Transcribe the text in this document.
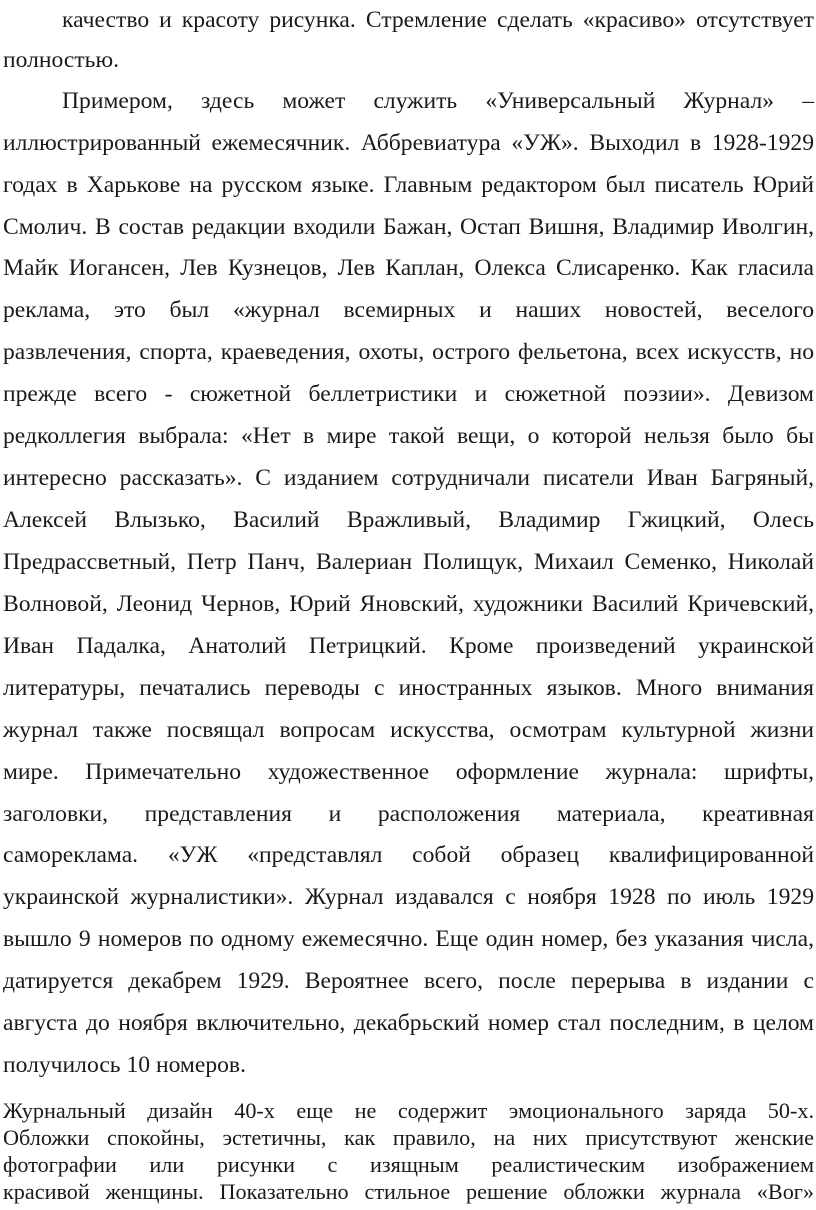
качество и красоту рисунка. Стремление сделать «красиво» отсутствует
полностью.
Примером, здесь может служить «Универсальный Журнал» –
иллюстрированный ежемесячник. Аббревиатура «УЖ». Выходил в 1928-1929
годах в Харькове на русском языке. Главным редактором был писатель Юрий
Смолич. В состав редакции входили Бажан, Остап Вишня, Владимир Иволгин,
Майк Иогансен, Лев Кузнецов, Лев Каплан, Олекса Слисаренко. Как гласила
реклама, это был «журнал всемирных и наших новостей, веселого
развлечения, спорта, краеведения, охоты, острого фельетона, всех искусств, но
прежде всего - сюжетной беллетристики и сюжетной поэзии». Девизом
редколлегия выбрала: «Нет в мире такой вещи, о которой нельзя было бы
интересно рассказать». С изданием сотрудничали писатели Иван Багряный,
Алексей Влызько, Василий Вражливый, Владимир Гжицкий, Олесь
Предрассветный, Петр Панч, Валериан Полищук, Михаил Семенко, Николай
Волновой, Леонид Чернов, Юрий Яновский, художники Василий Кричевский,
Иван Падалка, Анатолий Петрицкий. Кроме произведений украинской
литературы, печатались переводы с иностранных языков. Много внимания
журнал также посвящал вопросам искусства, осмотрам культурной жизни
мире. Примечательно художественное оформление журнала: шрифты,
заголовки, представления и расположения материала, креативная
самореклама. «УЖ «представлял собой образец квалифицированной
украинской журналистики». Журнал издавался с ноября 1928 по июль 1929
вышло 9 номеров по одному ежемесячно. Еще один номер, без указания числа,
датируется декабрем 1929. Вероятнее всего, после перерыва в издании с
августа до ноября включительно, декабрьский номер стал последним, в целом
получилось 10 номеров.
Журнальный дизайн 40-х еще не содержит эмоционального заряда 50-х.
Обложки спокойны, эстетичны, как правило, на них присутствуют женские
фотографии или рисунки с изящным реалистическим изображением
красивой женщины. Показательно стильное решение обложки журнала «Вог»
